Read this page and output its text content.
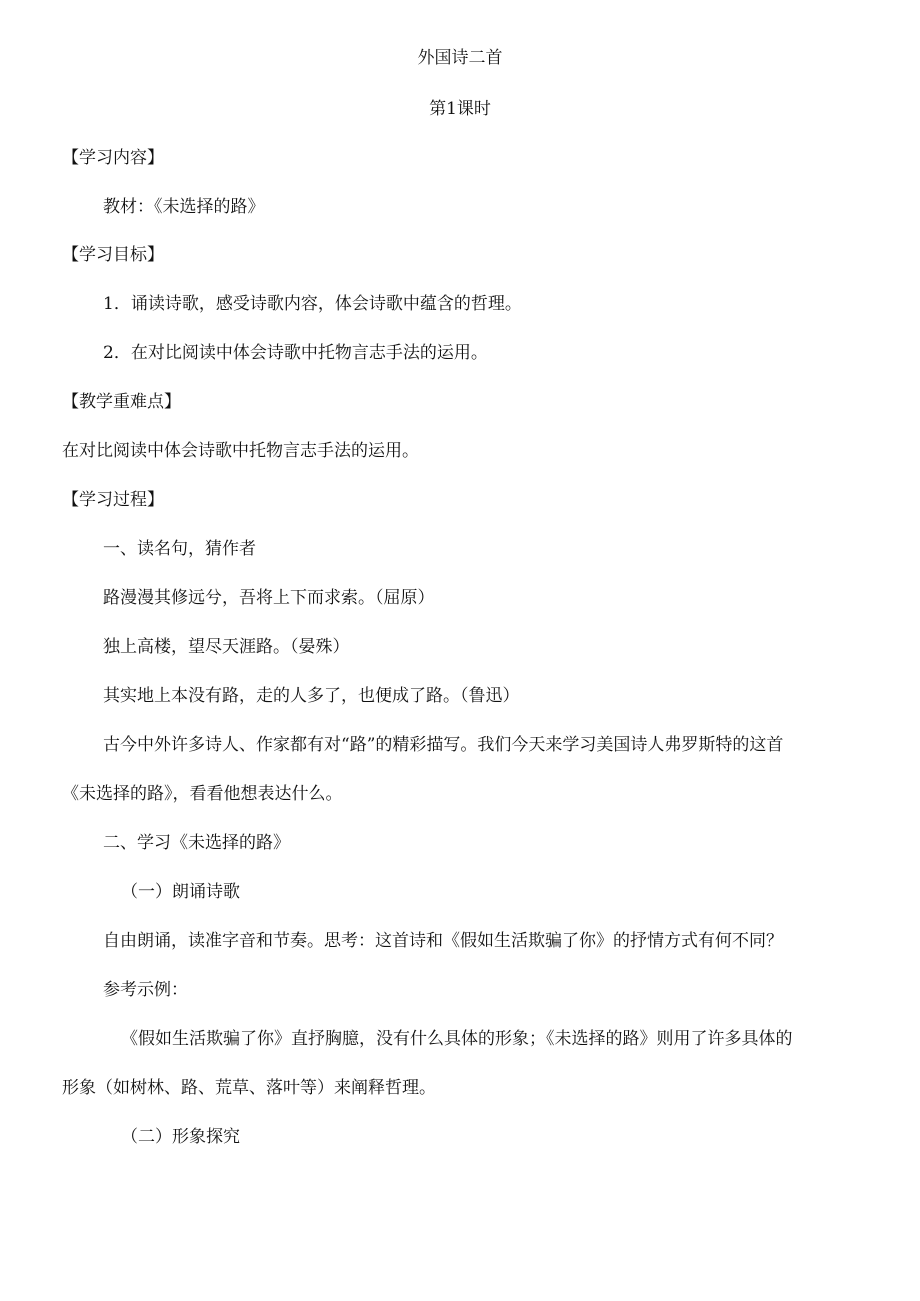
外国诗二首
第1课时
【学习内容】
教材：《未选择的路》
【学习目标】
1．诵读诗歌，感受诗歌内容，体会诗歌中蕴含的哲理。
2．在对比阅读中体会诗歌中托物言志手法的运用。
【教学重难点】
在对比阅读中体会诗歌中托物言志手法的运用。
【学习过程】
一、读名句，猜作者
路漫漫其修远兮，吾将上下而求索。（屈原）
独上高楼，望尽天涯路。（晏殊）
其实地上本没有路，走的人多了，也便成了路。（鲁迅）
古今中外许多诗人、作家都有对“路”的精彩描写。我们今天来学习美国诗人弗罗斯特的这首
《未选择的路》，看看他想表达什么。
二、学习《未选择的路》
（一）朗诵诗歌
自由朗诵，读准字音和节奏。思考：这首诗和《假如生活欺骗了你》的抒情方式有何不同？
参考示例：
《假如生活欺骗了你》直抒胸臆，没有什么具体的形象；《未选择的路》则用了许多具体的
形象（如树林、路、荒草、落叶等）来阐释哲理。
（二）形象探究
